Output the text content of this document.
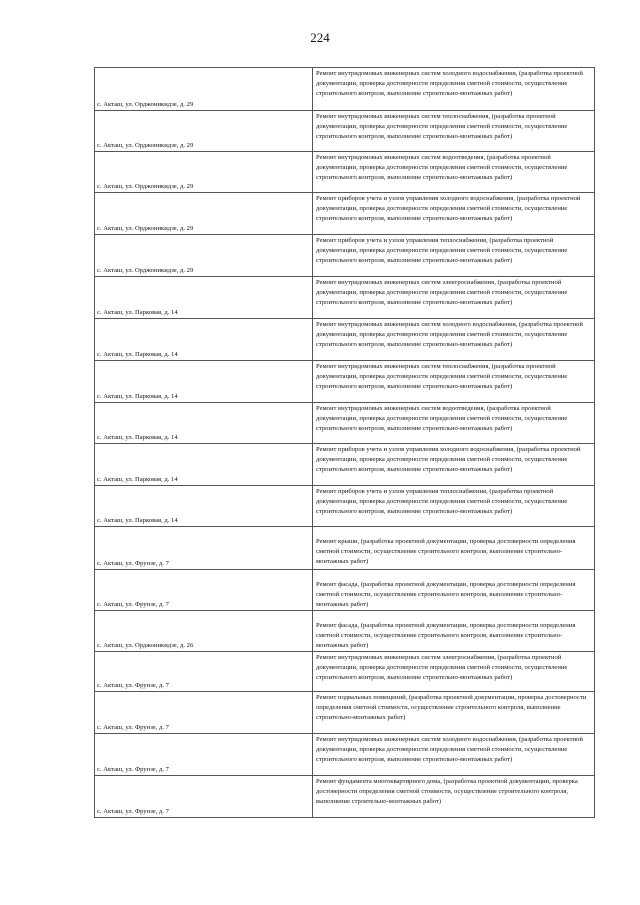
224
с. Акташ, ул. Орджоникидзе, д. 29
Ремонт внутридомовых инженерных систем холодного водоснабжения, (разработка проектной документации, проверка достоверности определения сметной стоимости, осуществление строительного контроля, выполнение строительно-монтажных работ)
с. Акташ, ул. Орджоникидзе, д. 29
Ремонт внутридомовых инженерных систем теплоснабжения, (разработка проектной документации, проверка достоверности определения сметной стоимости, осуществление строительного контроля, выполнение строительно-монтажных работ)
с. Акташ, ул. Орджоникидзе, д. 29
Ремонт внутридомовых инженерных систем водоотведения, (разработка проектной документации, проверка достоверности определения сметной стоимости, осуществление строительного контроля, выполнение строительно-монтажных работ)
с. Акташ, ул. Орджоникидзе, д. 29
Ремонт приборов учета и узлов управления холодного водоснабжения, (разработка проектной документации, проверка достоверности определения сметной стоимости, осуществление строительного контроля, выполнение строительно-монтажных работ)
с. Акташ, ул. Орджоникидзе, д. 29
Ремонт приборов учета и узлов управления теплоснабжения, (разработка проектной документации, проверка достоверности определения сметной стоимости, осуществление строительного контроля, выполнение строительно-монтажных работ)
с. Акташ, ул. Парковая, д. 14
Ремонт внутридомовых инженерных систем электроснабжения, (разработка проектной документации, проверка достоверности определения сметной стоимости, осуществление строительного контроля, выполнение строительно-монтажных работ)
с. Акташ, ул. Парковая, д. 14
Ремонт внутридомовых инженерных систем холодного водоснабжения, (разработка проектной документации, проверка достоверности определения сметной стоимости, осуществление строительного контроля, выполнение строительно-монтажных работ)
с. Акташ, ул. Парковая, д. 14
Ремонт внутридомовых инженерных систем теплоснабжения, (разработка проектной документации, проверка достоверности определения сметной стоимости, осуществление строительного контроля, выполнение строительно-монтажных работ)
с. Акташ, ул. Парковая, д. 14
Ремонт внутридомовых инженерных систем водоотведения, (разработка проектной документации, проверка достоверности определения сметной стоимости, осуществление строительного контроля, выполнение строительно-монтажных работ)
с. Акташ, ул. Парковая, д. 14
Ремонт приборов учета и узлов управления холодного водоснабжения, (разработка проектной документации, проверка достоверности определения сметной стоимости, осуществление строительного контроля, выполнение строительно-монтажных работ)
с. Акташ, ул. Парковая, д. 14
Ремонт приборов учета и узлов управления теплоснабжения, (разработка проектной документации, проверка достоверности определения сметной стоимости, осуществление строительного контроля, выполнение строительно-монтажных работ)
с. Акташ, ул. Фрунзе, д. 7
Ремонт крыши, (разработка проектной документации, проверка достоверности определения сметной стоимости, осуществление строительного контроля, выполнение строительно-монтажных работ)
с. Акташ, ул. Фрунзе, д. 7
Ремонт фасада, (разработка проектной документации, проверка достоверности определения сметной стоимости, осуществление строительного контроля, выполнение строительно-монтажных работ)
с. Акташ, ул. Орджоникидзе, д. 26
Ремонт фасада, (разработка проектной документации, проверка достоверности определения сметной стоимости, осуществление строительного контроля, выполнение строительно-монтажных работ)
с. Акташ, ул. Фрунзе, д. 7
Ремонт внутридомовых инженерных систем электроснабжения, (разработка проектной документации, проверка достоверности определения сметной стоимости, осуществление строительного контроля, выполнение строительно-монтажных работ)
с. Акташ, ул. Фрунзе, д. 7
Ремонт подвальных помещений, (разработка проектной документации, проверка достоверности определения сметной стоимости, осуществление строительного контроля, выполнение строительно-монтажных работ)
с. Акташ, ул. Фрунзе, д. 7
Ремонт внутридомовых инженерных систем холодного водоснабжения, (разработка проектной документации, проверка достоверности определения сметной стоимости, осуществление строительного контроля, выполнение строительно-монтажных работ)
с. Акташ, ул. Фрунзе, д. 7
Ремонт фундамента многоквартирного дома, (разработка проектной документации, проверка достоверности определения сметной стоимости, осуществление строительного контроля, выполнение строительно-монтажных работ)
